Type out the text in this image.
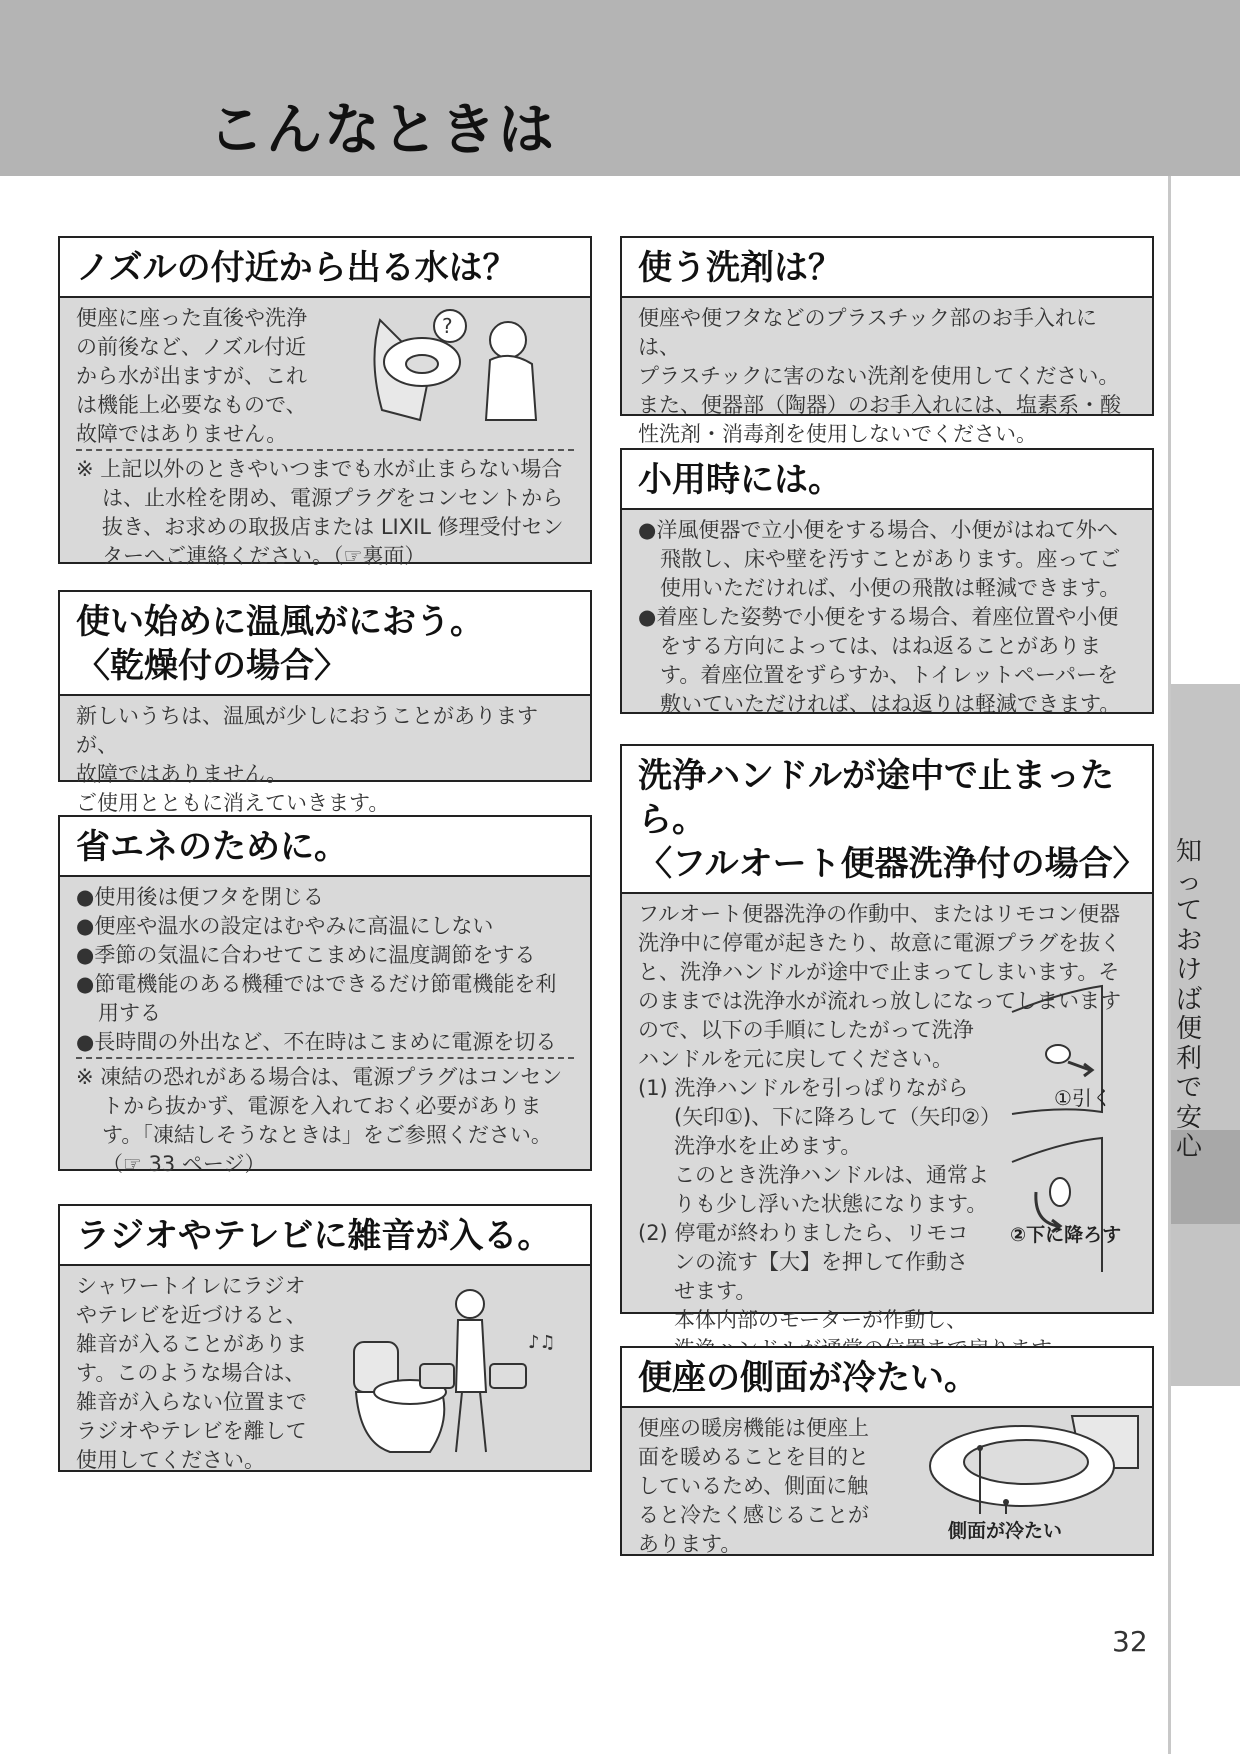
こんなときは
知っておけば便利で安心
ノズルの付近から出る水は？

便座に座った直後や洗浄

の前後など、ノズル付近

から水が出ますが、これ

は機能上必要なもので、

故障ではありません。

※ 上記以外のときやいつまでも水が止まらない場合は、止水栓を閉め、電源プラグをコンセントから抜き、お求めの取扱店または LIXIL 修理受付センターへご連絡ください。（☞裏面）

?
使い始めに温風がにおう。
〈乾燥付の場合〉

新しいうちは、温風が少しにおうことがありますが、

故障ではありません。

ご使用とともに消えていきます。

省エネのために。

●使用後は便フタを閉じる

●便座や温水の設定はむやみに高温にしない

●季節の気温に合わせてこまめに温度調節をする

●節電機能のある機種ではできるだけ節電機能を利用する

●長時間の外出など、不在時はこまめに電源を切る

※ 凍結の恐れがある場合は、電源プラグはコンセントから抜かず、電源を入れておく必要があります。「凍結しそうなときは」をご参照ください。（☞ 33 ページ）

ラジオやテレビに雑音が入る。

シャワートイレにラジオ

やテレビを近づけると、

雑音が入ることがありま

す。このような場合は、

雑音が入らない位置まで

ラジオやテレビを離して

使用してください。

♪♫
使う洗剤は？

便座や便フタなどのプラスチック部のお手入れには、

プラスチックに害のない洗剤を使用してください。

また、便器部（陶器）のお手入れには、塩素系・酸

性洗剤・消毒剤を使用しないでください。

小用時には。

●洋風便器で立小便をする場合、小便がはねて外へ飛散し、床や壁を汚すことがあります。座ってご使用いただければ、小便の飛散は軽減できます。

●着座した姿勢で小便をする場合、着座位置や小便をする方向によっては、はね返ることがあります。着座位置をずらすか、トイレットペーパーを敷いていただければ、はね返りは軽減できます。

洗浄ハンドルが途中で止まったら。
〈フルオート便器洗浄付の場合〉

フルオート便器洗浄の作動中、またはリモコン便器洗浄中に停電が起きたり、故意に電源プラグを抜くと、洗浄ハンドルが途中で止まってしまいます。そのままでは洗浄水が流れっ放しになってしまいますので、以下の手順にしたがって洗浄

ハンドルを元に戻してください。

(1) 洗浄ハンドルを引っぱりながら

(矢印①)、下に降ろして（矢印②）

洗浄水を止めます。

このとき洗浄ハンドルは、通常よ

りも少し浮いた状態になります。

(2) 停電が終わりましたら、リモコ

ンの流す【大】を押して作動さ

せます。

本体内部のモーターが作動し、

①引く
②下に降ろす
便座の側面が冷たい。

便座の暖房機能は便座上

面を暖めることを目的と

しているため、側面に触

ると冷たく感じることが

あります。

側面が冷たい
32
